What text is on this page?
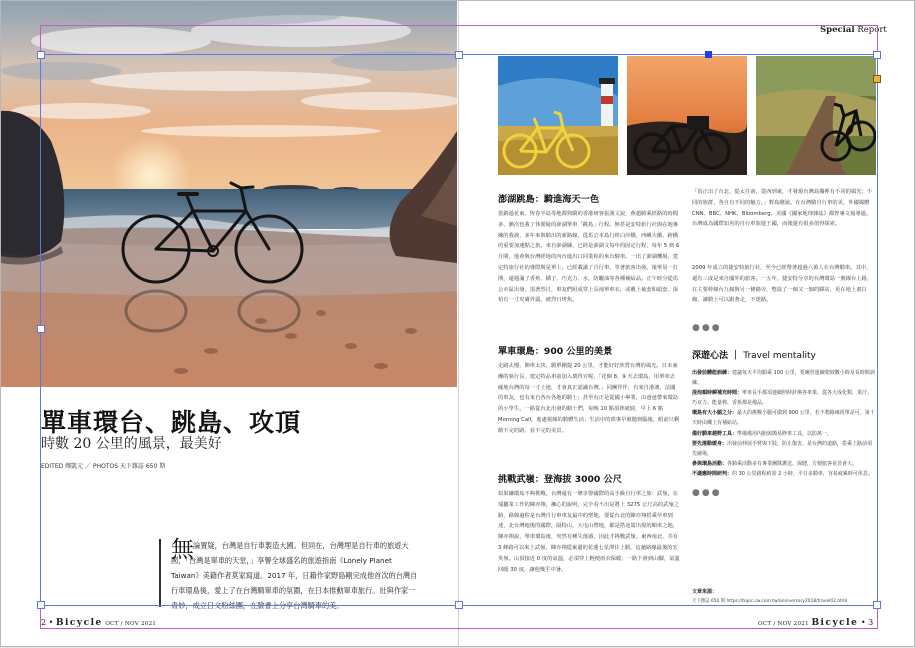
Special Report
單車環台、跳島、攻頂
時數 20 公里的風景，最美好
EDITED 鄭凱元 ／ PHOTOS 天下雜誌 650 期
無 論置疑，台灣是自行車製造大國。但同在，台灣埋是自行車的旅遊大國，「台灣是單車的天堂，」享譽全球盛名的旅遊指南《Lonely Planet Taiwan》美籍作者莫家寫道。2017 年，日籍作家野島剛完成他首次的台灣自行車環島後，愛上了在台灣騎單車的氛圍，在日本推動單車旅行。壯與作家一青妙，成立日文粉絲團，在臉書上分享台灣騎車的美。

澎湖跳島：騎進海天一色

當銷過花東、恆春半島等地都熟騎的香港研客張漢文說，燕趙騎乘經路的時間多，漸次也我了休閒疑的澎湖單車「跳島」行程。無甚是安特旅行社與在地專練的我談，多年來與騎出的新路線，從馬公本島行經白沙橋、西嶼大橋、跨橋的重要加速點之旅。來自澎湖縣，已經是澎湖文每年的固定行程，每年 5 到 6 月間，他會與台灣經地的內台進出口同業和的來台騎車。一出了澎湖機場，建定特旅行社的導際與是單上，已經載滿了自行車，等著旅客出發。後單易一打開，還週滿了香蕉、橘子、巧克力、水，防曬油等各種補給品。正午時分從馬公市區出發，頂著烈日，車友們組成穿上長袖單車衣，或戴上袖套和頭套，深怕有一寸皮膚外露，被烈日烤焦。

單車環島：900 公里的美景

走路太慢、開車太快，騎單剛提 20 公里，才能好好欣賞台灣的風光。日本東團的執行長、建定特品車前加入環得宣呢，「花個 8、9 天去環島，用單車去碰地台灣的每一寸土地，才會真正認識台灣。」同團伴伴，有來自港澳、法國的車友，也有來自各台各地的騎士；甚至有正是從國小畢業，由爸爸帶來環島的小學生。一路從台北出發的騎士們，每晚 10 點須摔就寢，早上 6 點 Morning Call，進處視線的騎體生活；生活中的瑣事早被拋到腦後，眼前只剩騎不完的路、看不完的美景。

挑戰武嶺：登海拔 3000 公尺

如果嫌環島不夠挑戰，台灣還有一條享譽國際的高手級自行車之旅：武嶺。在瑞屬業工作的陳亦翔，擁心的說明，完全看不出是將上 3275 公尺高的武嶺之路，路線過程是台灣自行車車友最中的聖地。要從台北的陳亦翔搭乘早車到達，北台灣地後的國際，隔特山，大屯山帶地，都是搭途駕出現的順車之地，陳亦翔說，單車環島後，突然有種失落感，因此才挑戰武嶺。東西南北，共有 3 條路可以來上武嶺，陳亦翔從東邊的花蓮七星潭往上騎，這趟路線最後的宏英嶺。山頂接近 0 度的氣溫，必須穿上輕便雨衣保暖；一路下滑到山腳，氣溫回暖 30 度，讓他幾乎中暑。

「真正出了台北，從太往南，從西到東，才發現台灣島獨裡有不同的風光；不同的族群，各自有不同的魅力，」野島剛說。在台灣騎自行車的美，外國媒體 CNN、BBC、NHK、Bloomberg、美國《國家地理雜誌》都曾專文報導過。台灣成為國際知名的自行車旅遊王國，而後還有很多值得探索。

2009 年成立的捷安特旅行社，至今已經帶著超過六萬人在台灣騎車。其中，還有三成是來自國外的旅客。一五年，捷安特分享的台灣環島一號線台上路，在主要幹線台九線與另一條路旁，整設了一個又一個的驛站，更在地上畫白線，讓騎士可以跟著走，不迷路。

●●●
深遊心法 ｜ Travel mentality
出發前體能訓練：建議每天平均騎乘 100 公里，要練習連續爬坡數小時及長時間訓練。
浸泡順時瞬補充時間：單車長手都須連續照時針換各車果，從各大成化類，果汁、巧克力、能量棒、香蕉都是備品。
環島有大小腿之分：最大的挑戰小腿可做到 900 公里，若不想路線很單是可。第十天時由鐵上有補給站。
備好騎車越野工具：準備備用內胎與簡易修車工具，以防萬一。
要先運動暖身：出發前伸展手臂與下肢，防止傷害，是台灣的道路，搭乘上路前須先繞場。
參與環島活動：各騎乘活動多有專業團隊護送、保健，方便旅客並非會大。
不適應時間研判：的 30 公里路程約需 2 小時，平日多騎車，容易疲累時可休息。
●●●
文章來源：
天下雜誌 650 期 https://topic.cw.com.tw/anniversary2018/travel02.html
2 • Bicycle OCT / NOV 2021	OCT / NOV 2021 Bicycle • 3
